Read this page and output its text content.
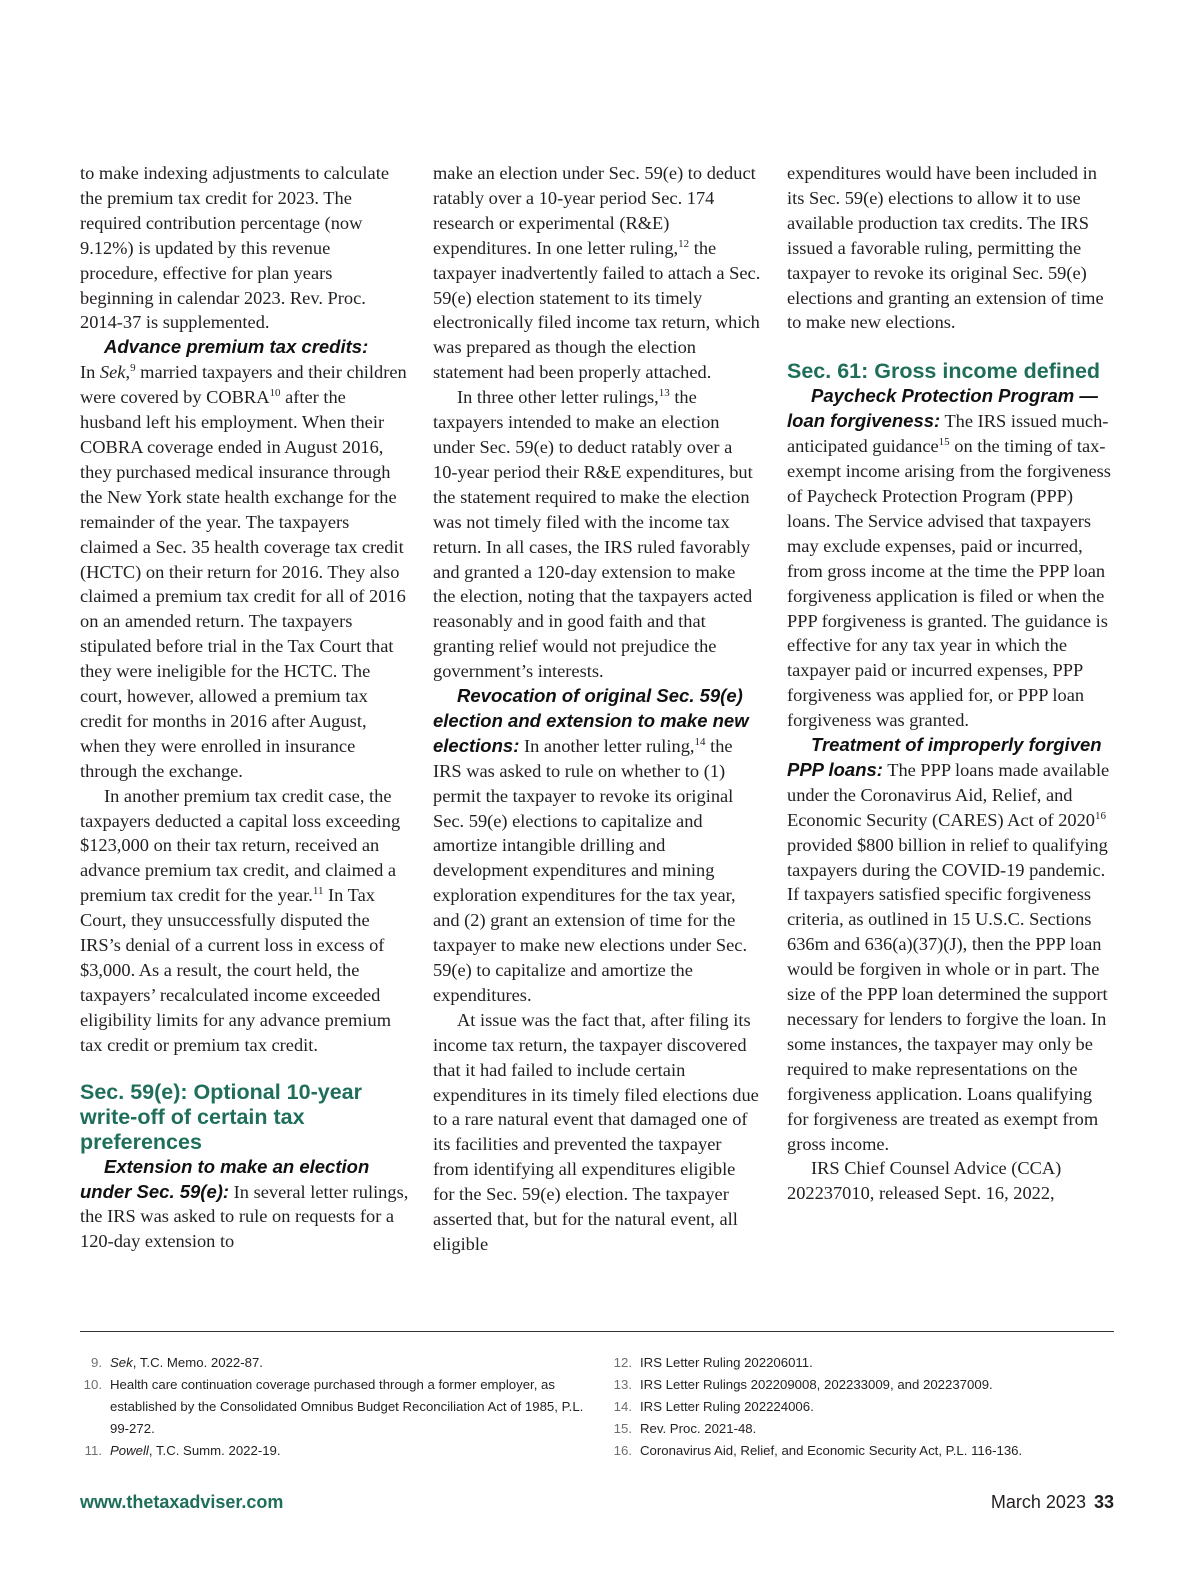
to make indexing adjustments to calculate the premium tax credit for 2023. The required contribution percentage (now 9.12%) is updated by this revenue procedure, effective for plan years beginning in calendar 2023. Rev. Proc. 2014-37 is supplemented.

Advance premium tax credits:
In Sek,$^9$ married taxpayers and their children were covered by COBRA$^{10}$ after the husband left his employment. When their COBRA coverage ended in August 2016, they purchased medical insurance through the New York state health exchange for the remainder of the year. The taxpayers claimed a Sec. 35 health coverage tax credit (HCTC) on their return for 2016. They also claimed a premium tax credit for all of 2016 on an amended return. The taxpayers stipulated before trial in the Tax Court that they were ineligible for the HCTC. The court, however, allowed a premium tax credit for months in 2016 after August, when they were enrolled in insurance through the exchange.

In another premium tax credit case, the taxpayers deducted a capital loss exceeding $123,000 on their tax return, received an advance premium tax credit, and claimed a premium tax credit for the year.$^{11}$ In Tax Court, they unsuccessfully disputed the IRS’s denial of a current loss in excess of $3,000. As a result, the court held, the taxpayers’ recalculated income exceeded eligibility limits for any advance premium tax credit or premium tax credit.

Sec. 59(e): Optional 10-year write-off of certain tax preferences

Extension to make an election under Sec. 59(e): In several letter rulings, the IRS was asked to rule on requests for a 120-day extension to

make an election under Sec. 59(e) to deduct ratably over a 10-year period Sec. 174 research or experimental (R&E) expenditures. In one letter ruling,$^{12}$ the taxpayer inadvertently failed to attach a Sec. 59(e) election statement to its timely electronically filed income tax return, which was prepared as though the election statement had been properly attached.

In three other letter rulings,$^{13}$ the taxpayers intended to make an election under Sec. 59(e) to deduct ratably over a 10-year period their R&E expenditures, but the statement required to make the election was not timely filed with the income tax return. In all cases, the IRS ruled favorably and granted a 120-day extension to make the election, noting that the taxpayers acted reasonably and in good faith and that granting relief would not prejudice the government’s interests.

Revocation of original Sec. 59(e) election and extension to make new elections: In another letter ruling,$^{14}$ the IRS was asked to rule on whether to (1) permit the taxpayer to revoke its original Sec. 59(e) elections to capitalize and amortize intangible drilling and development expenditures and mining exploration expenditures for the tax year, and (2) grant an extension of time for the taxpayer to make new elections under Sec. 59(e) to capitalize and amortize the expenditures.

At issue was the fact that, after filing its income tax return, the taxpayer discovered that it had failed to include certain expenditures in its timely filed elections due to a rare natural event that damaged one of its facilities and prevented the taxpayer from identifying all expenditures eligible for the Sec. 59(e) election. The taxpayer asserted that, but for the natural event, all eligible

expenditures would have been included in its Sec. 59(e) elections to allow it to use available production tax credits. The IRS issued a favorable ruling, permitting the taxpayer to revoke its original Sec. 59(e) elections and granting an extension of time to make new elections.

Sec. 61: Gross income defined

Paycheck Protection Program — loan forgiveness: The IRS issued much-anticipated guidance$^{15}$ on the timing of tax-exempt income arising from the forgiveness of Paycheck Protection Program (PPP) loans. The Service advised that taxpayers may exclude expenses, paid or incurred, from gross income at the time the PPP loan forgiveness application is filed or when the PPP forgiveness is granted. The guidance is effective for any tax year in which the taxpayer paid or incurred expenses, PPP forgiveness was applied for, or PPP loan forgiveness was granted.

Treatment of improperly forgiven PPP loans: The PPP loans made available under the Coronavirus Aid, Relief, and Economic Security (CARES) Act of 2020$^{16}$ provided $800 billion in relief to qualifying taxpayers during the COVID-19 pandemic. If taxpayers satisfied specific forgiveness criteria, as outlined in 15 U.S.C. Sections 636m and 636(a)(37)(J), then the PPP loan would be forgiven in whole or in part. The size of the PPP loan determined the support necessary for lenders to forgive the loan. In some instances, the taxpayer may only be required to make representations on the forgiveness application. Loans qualifying for forgiveness are treated as exempt from gross income.

IRS Chief Counsel Advice (CCA) 202237010, released Sept. 16, 2022,

9. Sek, T.C. Memo. 2022-87.
10. Health care continuation coverage purchased through a former employer, as established by the Consolidated Omnibus Budget Reconciliation Act of 1985, P.L. 99-272.
11. Powell, T.C. Summ. 2022-19.
12. IRS Letter Ruling 202206011.
13. IRS Letter Rulings 202209008, 202233009, and 202237009.
14. IRS Letter Ruling 202224006.
15. Rev. Proc. 2021-48.
16. Coronavirus Aid, Relief, and Economic Security Act, P.L. 116-136.
www.thetaxadviser.com	March 2023 33
